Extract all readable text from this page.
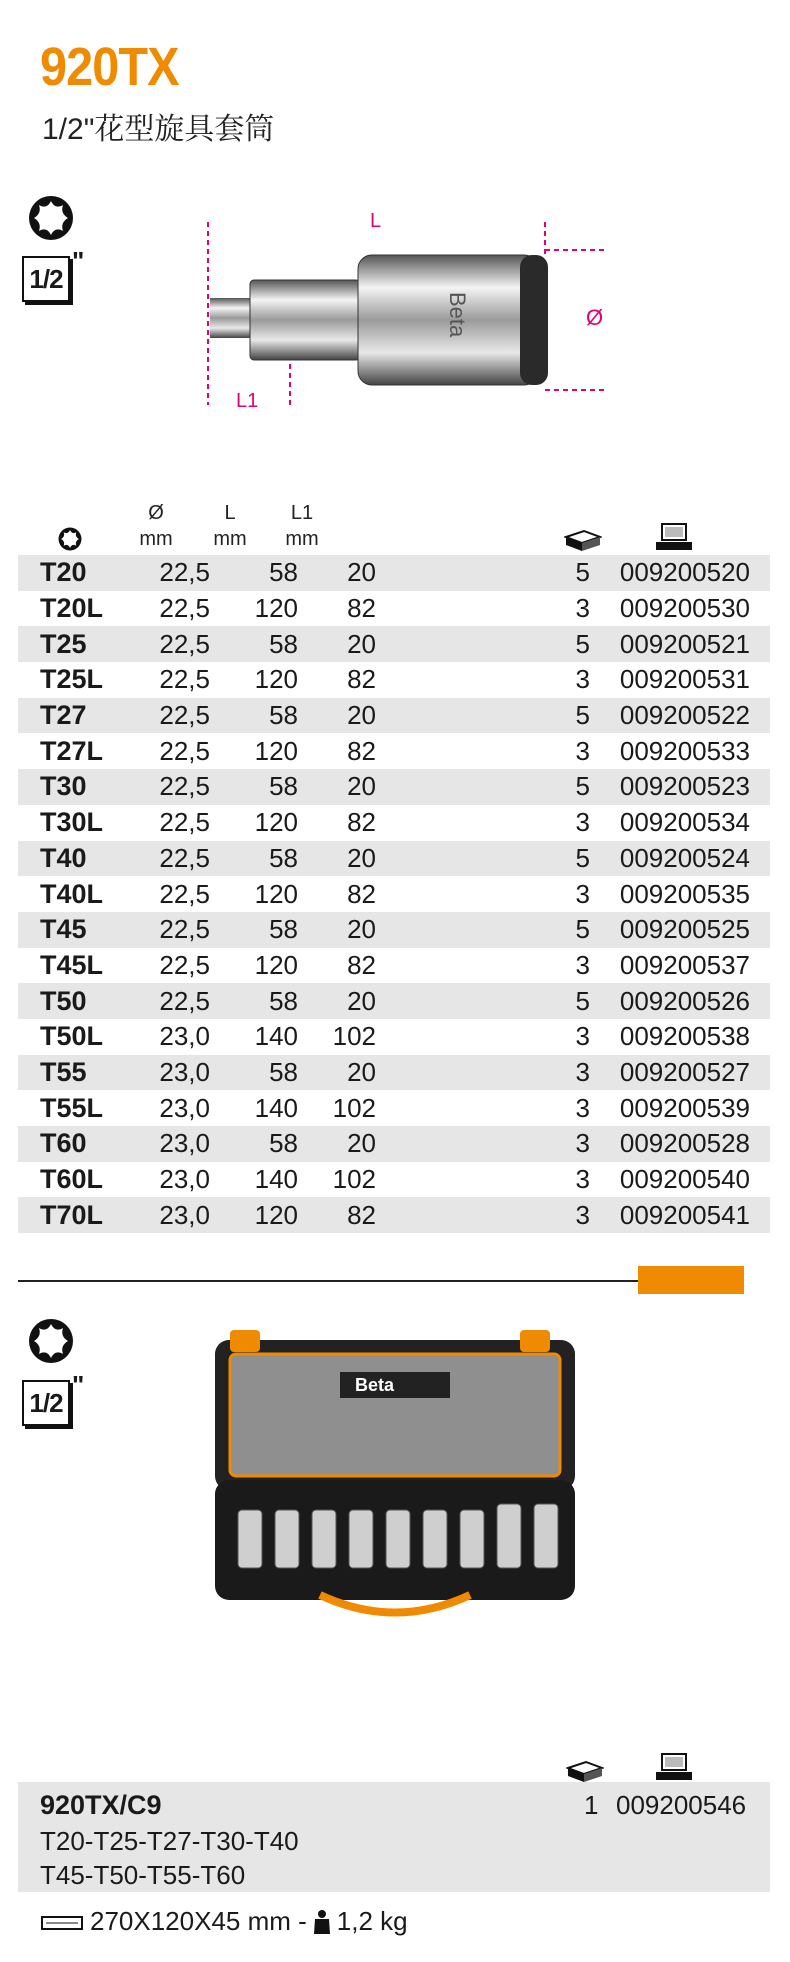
920TX
1/2"花型旋具套筒
1/2
"
Beta
L
L1
Ø
Ø
mm
L
mm
L1
mm
T20	22,5	58	20		5	009200520
T20L	22,5	120	82		3	009200530
T25	22,5	58	20		5	009200521
T25L	22,5	120	82		3	009200531
T27	22,5	58	20		5	009200522
T27L	22,5	120	82		3	009200533
T30	22,5	58	20		5	009200523
T30L	22,5	120	82		3	009200534
T40	22,5	58	20		5	009200524
T40L	22,5	120	82		3	009200535
T45	22,5	58	20		5	009200525
T45L	22,5	120	82		3	009200537
T50	22,5	58	20		5	009200526
T50L	23,0	140	102		3	009200538
T55	23,0	58	20		3	009200527
T55L	23,0	140	102		3	009200539
T60	23,0	58	20		3	009200528
T60L	23,0	140	102		3	009200540
T70L	23,0	120	82		3	009200541
1/2
"	Beta
920TX/C9
T20-T25-T27-T30-T40
T45-T50-T55-T60
1 009200546
270X120X45 mm - 1,2 kg
